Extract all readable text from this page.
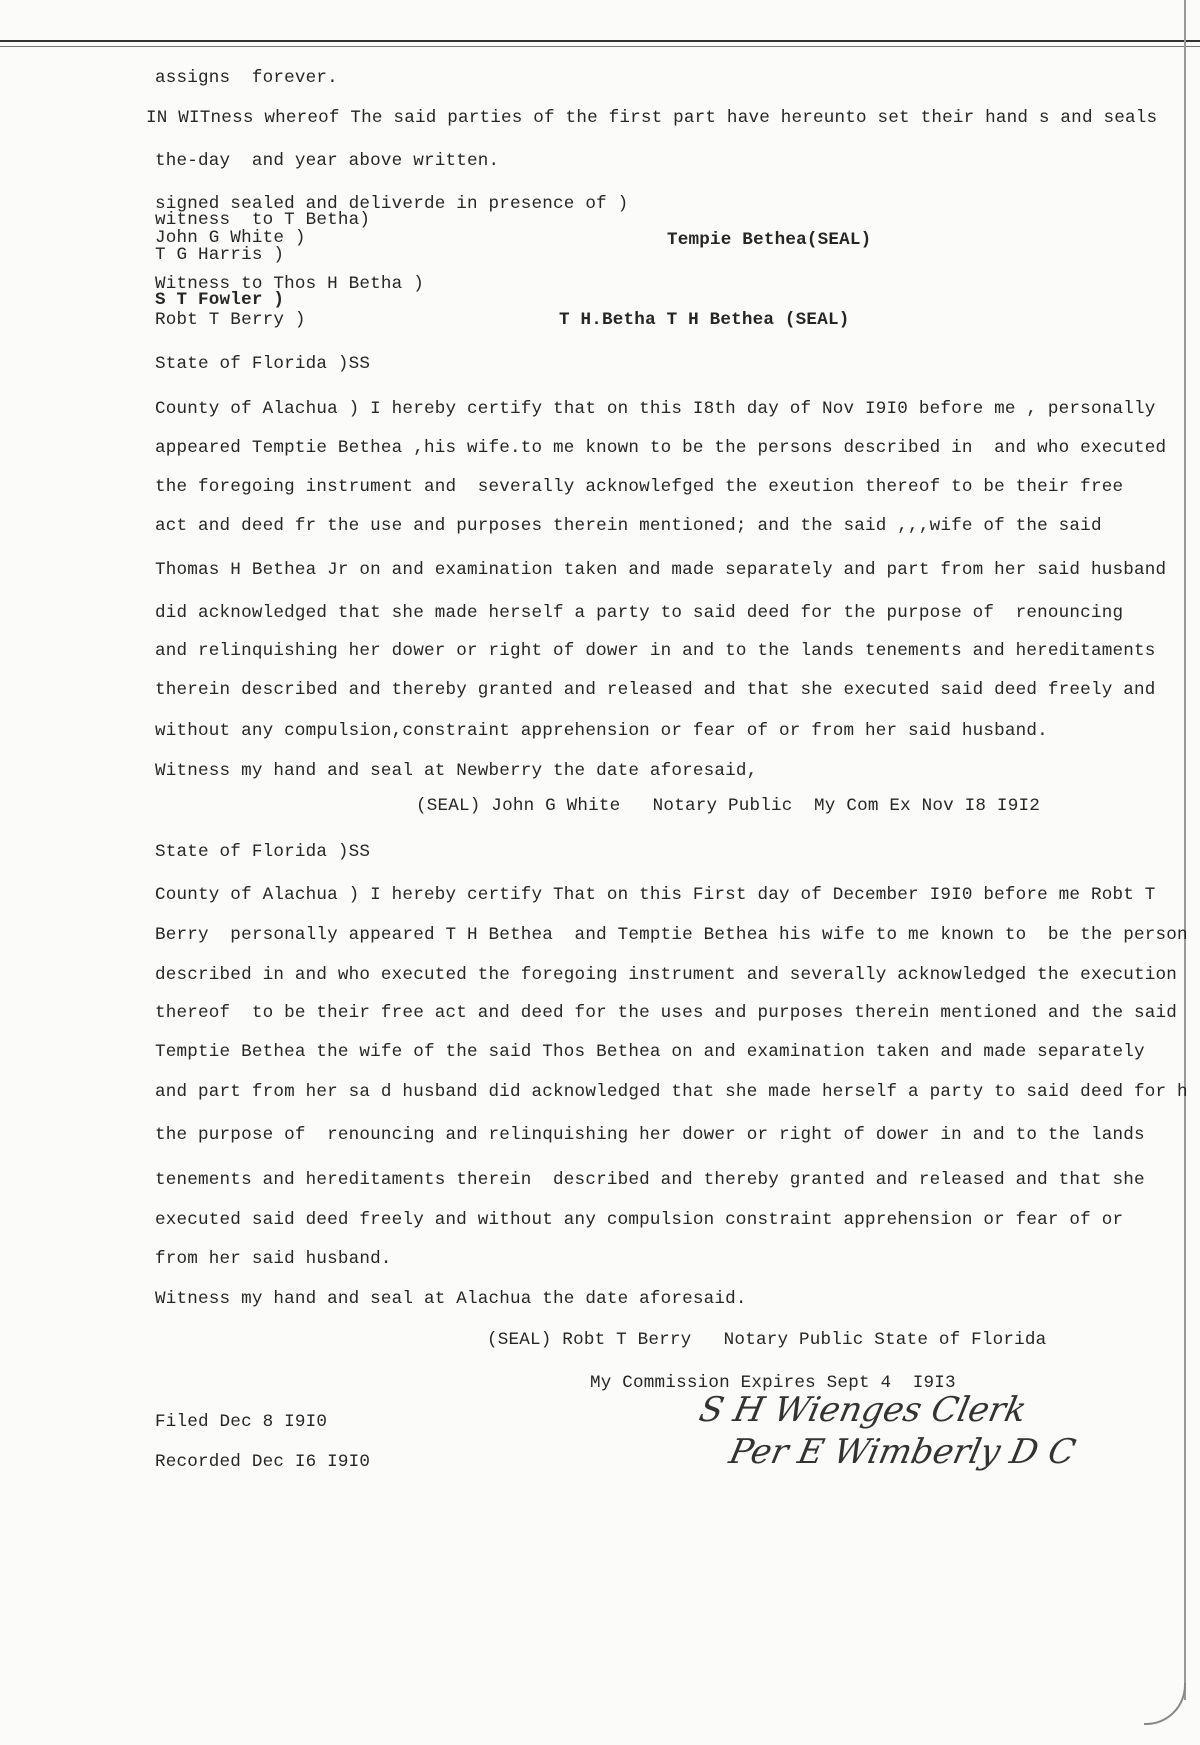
assigns  forever.
IN WITness whereof The said parties of the first part have hereunto set their hand s and seals
the-day  and year above written.
signed sealed and deliverde in presence of )
witness  to T Betha)
John G White )
T G Harris )
Witness to Thos H Betha )
S T Fowler )
Robt T Berry )
Tempie Bethea(SEAL)
T H.Betha T H Bethea (SEAL)
State of Florida )SS
County of Alachua ) I hereby certify that on this I8th day of Nov I9I0 before me , personally
appeared Temptie Bethea ,his wife.to me known to be the persons described in  and who executed
the foregoing instrument and  severally acknowlefged the exeution thereof to be their free
act and deed fr the use and purposes therein mentioned; and the said ,,,wife of the said
Thomas H Bethea Jr on and examination taken and made separately and part from her said husband
did acknowledged that she made herself a party to said deed for the purpose of  renouncing
and relinquishing her dower or right of dower in and to the lands tenements and hereditaments
therein described and thereby granted and released and that she executed said deed freely and
without any compulsion,constraint apprehension or fear of or from her said husband.
Witness my hand and seal at Newberry the date aforesaid,
(SEAL) John G White   Notary Public  My Com Ex Nov I8 I9I2
State of Florida )SS
County of Alachua ) I hereby certify That on this First day of December I9I0 before me Robt T
Berry  personally appeared T H Bethea  and Temptie Bethea his wife to me known to  be the person
described in and who executed the foregoing instrument and severally acknowledged the execution
thereof  to be their free act and deed for the uses and purposes therein mentioned and the said
Temptie Bethea the wife of the said Thos Bethea on and examination taken and made separately
and part from her sa d husband did acknowledged that she made herself a party to said deed for h
the purpose of  renouncing and relinquishing her dower or right of dower in and to the lands
tenements and hereditaments therein  described and thereby granted and released and that she
executed said deed freely and without any compulsion constraint apprehension or fear of or
from her said husband.
Witness my hand and seal at Alachua the date aforesaid.
(SEAL) Robt T Berry   Notary Public State of Florida
My Commission Expires Sept 4  I9I3
Filed Dec 8 I9I0
Recorded Dec I6 I9I0
S H Wienges Clerk
Per E Wimberly D C
